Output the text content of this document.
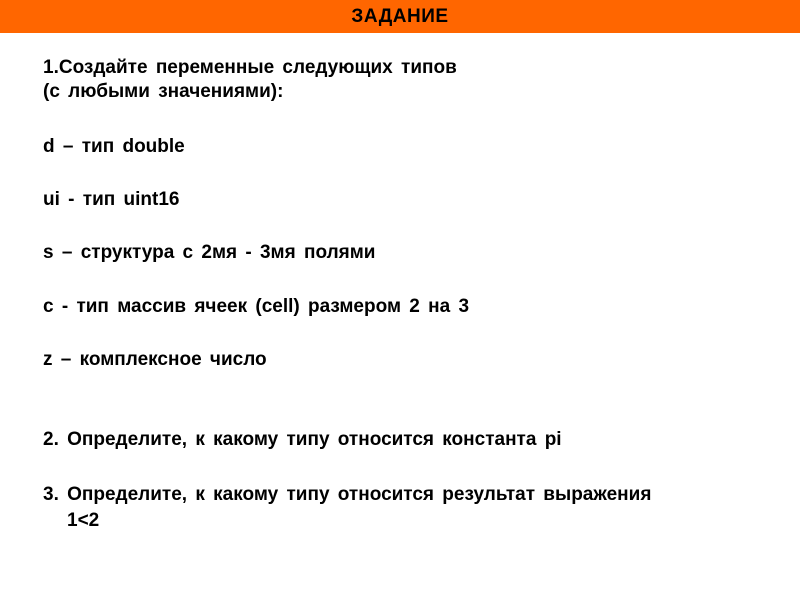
ЗАДАНИЕ
1.Создайте переменные следующих типов
(с любыми значениями):
d – тип double
ui - тип uint16
s – структура с 2мя - 3мя полями
c - тип массив ячеек (cell) размером 2 на 3
z – комплексное число
2. Определите, к какому типу относится константа pi
3. Определите, к какому типу относится результат выражения
1<2
